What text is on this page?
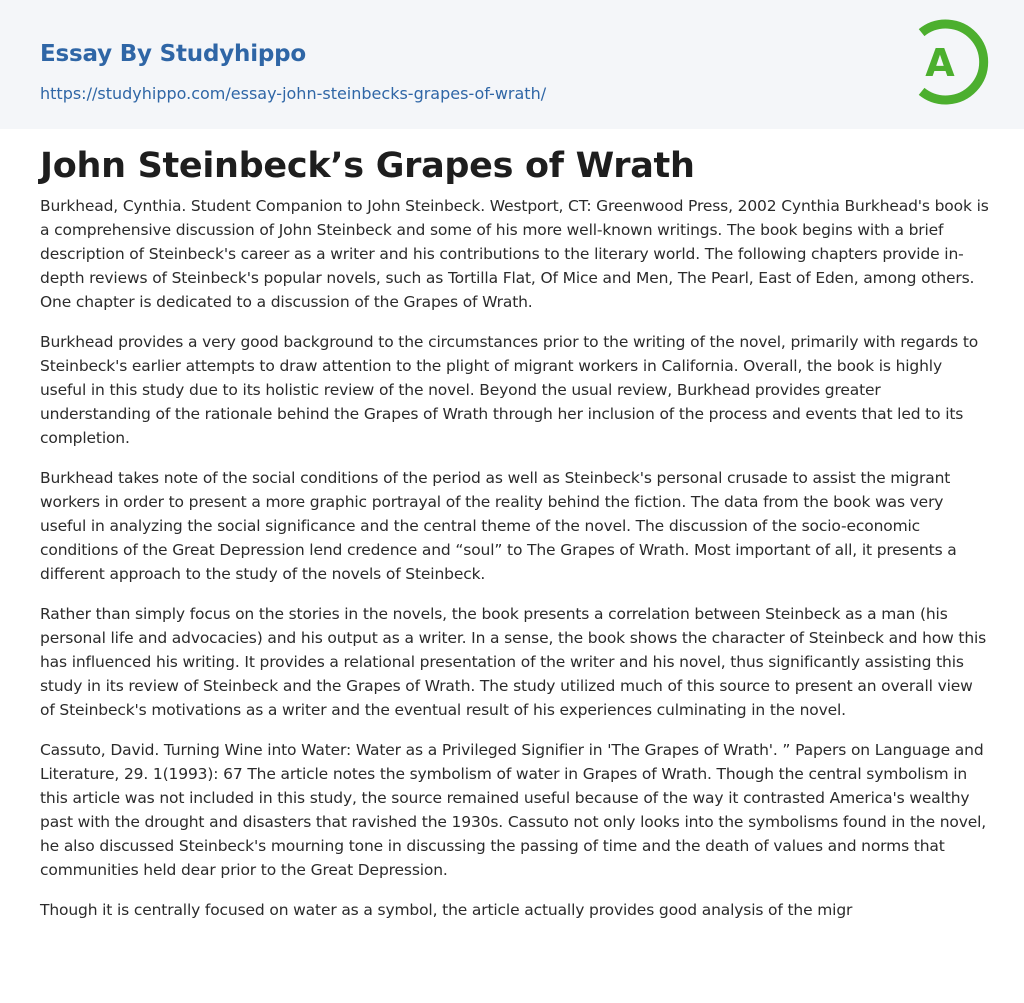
Essay By Studyhippo
https://studyhippo.com/essay-john-steinbecks-grapes-of-wrath/
A
John Steinbeck’s Grapes of Wrath

Burkhead, Cynthia. Student Companion to John Steinbeck. Westport, CT: Greenwood Press, 2002 Cynthia Burkhead's book is a comprehensive discussion of John Steinbeck and some of his more well-known writings. The book begins with a brief description of Steinbeck's career as a writer and his contributions to the literary world. The following chapters provide in-depth reviews of Steinbeck's popular novels, such as Tortilla Flat, Of Mice and Men, The Pearl, East of Eden, among others. One chapter is dedicated to a discussion of the Grapes of Wrath.

Burkhead provides a very good background to the circumstances prior to the writing of the novel, primarily with regards to Steinbeck's earlier attempts to draw attention to the plight of migrant workers in California. Overall, the book is highly useful in this study due to its holistic review of the novel. Beyond the usual review, Burkhead provides greater understanding of the rationale behind the Grapes of Wrath through her inclusion of the process and events that led to its completion.

Burkhead takes note of the social conditions of the period as well as Steinbeck's personal crusade to assist the migrant workers in order to present a more graphic portrayal of the reality behind the fiction. The data from the book was very useful in analyzing the social significance and the central theme of the novel. The discussion of the socio-economic conditions of the Great Depression lend credence and “soul” to The Grapes of Wrath. Most important of all, it presents a different approach to the study of the novels of Steinbeck.

Rather than simply focus on the stories in the novels, the book presents a correlation between Steinbeck as a man (his personal life and advocacies) and his output as a writer. In a sense, the book shows the character of Steinbeck and how this has influenced his writing. It provides a relational presentation of the writer and his novel, thus significantly assisting this study in its review of Steinbeck and the Grapes of Wrath. The study utilized much of this source to present an overall view of Steinbeck's motivations as a writer and the eventual result of his experiences culminating in the novel.

Cassuto, David. Turning Wine into Water: Water as a Privileged Signifier in 'The Grapes of Wrath'. ” Papers on Language and Literature, 29. 1(1993): 67 The article notes the symbolism of water in Grapes of Wrath. Though the central symbolism in this article was not included in this study, the source remained useful because of the way it contrasted America's wealthy past with the drought and disasters that ravished the 1930s. Cassuto not only looks into the symbolisms found in the novel, he also discussed Steinbeck's mourning tone in discussing the passing of time and the death of values and norms that communities held dear prior to the Great Depression.

Though it is centrally focused on water as a symbol, the article actually provides good analysis of the migr
